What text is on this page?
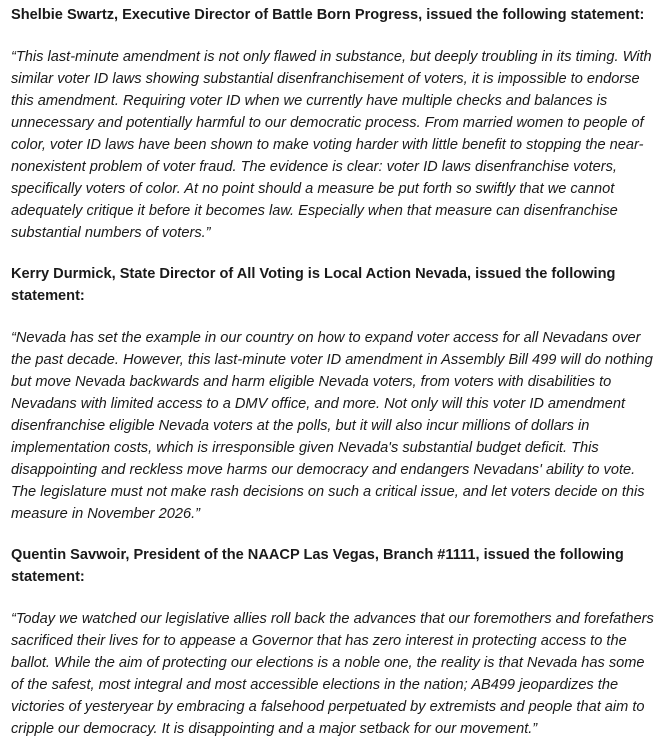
Shelbie Swartz, Executive Director of Battle Born Progress, issued the following statement:

“This last-minute amendment is not only flawed in substance, but deeply troubling in its timing. With similar voter ID laws showing substantial disenfranchisement of voters, it is impossible to endorse this amendment. Requiring voter ID when we currently have multiple checks and balances is unnecessary and potentially harmful to our democratic process. From married women to people of color, voter ID laws have been shown to make voting harder with little benefit to stopping the near-nonexistent problem of voter fraud. The evidence is clear: voter ID laws disenfranchise voters, specifically voters of color. At no point should a measure be put forth so swiftly that we cannot adequately critique it before it becomes law. Especially when that measure can disenfranchise substantial numbers of voters.”

Kerry Durmick, State Director of All Voting is Local Action Nevada, issued the following statement:

“Nevada has set the example in our country on how to expand voter access for all Nevadans over the past decade. However, this last-minute voter ID amendment in Assembly Bill 499 will do nothing but move Nevada backwards and harm eligible Nevada voters, from voters with disabilities to Nevadans with limited access to a DMV office, and more. Not only will this voter ID amendment disenfranchise eligible Nevada voters at the polls, but it will also incur millions of dollars in implementation costs, which is irresponsible given Nevada's substantial budget deficit. This disappointing and reckless move harms our democracy and endangers Nevadans' ability to vote. The legislature must not make rash decisions on such a critical issue, and let voters decide on this measure in November 2026.”

Quentin Savwoir, President of the NAACP Las Vegas, Branch #1111, issued the following statement:

“Today we watched our legislative allies roll back the advances that our foremothers and forefathers sacrificed their lives for to appease a Governor that has zero interest in protecting access to the ballot. While the aim of protecting our elections is a noble one, the reality is that Nevada has some of the safest, most integral and most accessible elections in the nation; AB499 jeopardizes the victories of yesteryear by embracing a falsehood perpetuated by extremists and people that aim to cripple our democracy. It is disappointing and a major setback for our movement.”
